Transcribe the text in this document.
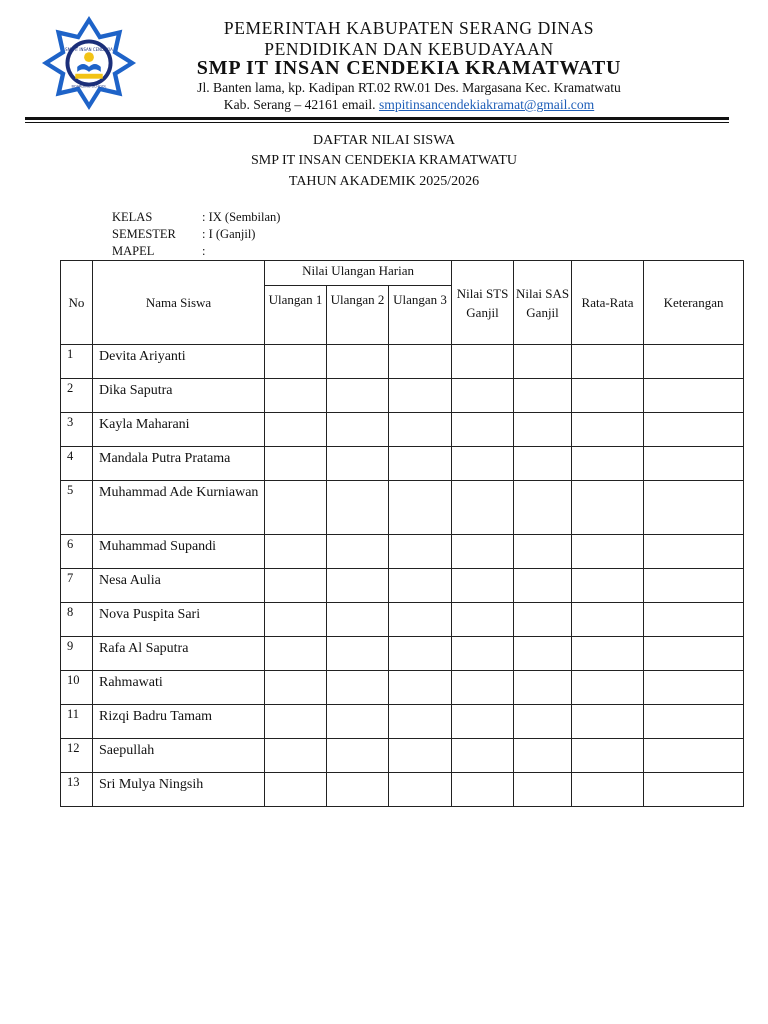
SMP IT INSAN CENDEKIA
BOARDING SCHOOL
PEMERINTAH KABUPATEN SERANG DINAS
PENDIDIKAN DAN KEBUDAYAAN
SMP IT INSAN CENDEKIA KRAMATWATU
Jl. Banten lama, kp. Kadipan RT.02 RW.01 Des. Margasana Kec. Kramatwatu
Kab. Serang – 42161 email. smpitinsancendekiakramat@gmail.com
DAFTAR NILAI SISWA
SMP IT INSAN CENDEKIA KRAMATWATU
TAHUN AKADEMIK 2025/2026
KELAS	: IX (Sembilan)
SEMESTER : I (Ganjil)
MAPEL	:
No	Nama Siswa	Nilai Ulangan Harian			Nilai STS Ganjil	Nilai SAS Ganjil	Rata-Rata	Keterangan
		Ulangan 1	Ulangan 2	Ulangan 3				
1	Devita Ariyanti							
2	Dika Saputra							
3	Kayla Maharani							
4	Mandala Putra Pratama							
5	Muhammad Ade Kurniawan							
6	Muhammad Supandi							
7	Nesa Aulia							
8	Nova Puspita Sari							
9	Rafa Al Saputra							
10	Rahmawati							
11	Rizqi Badru Tamam							
12	Saepullah							
13	Sri Mulya Ningsih							
